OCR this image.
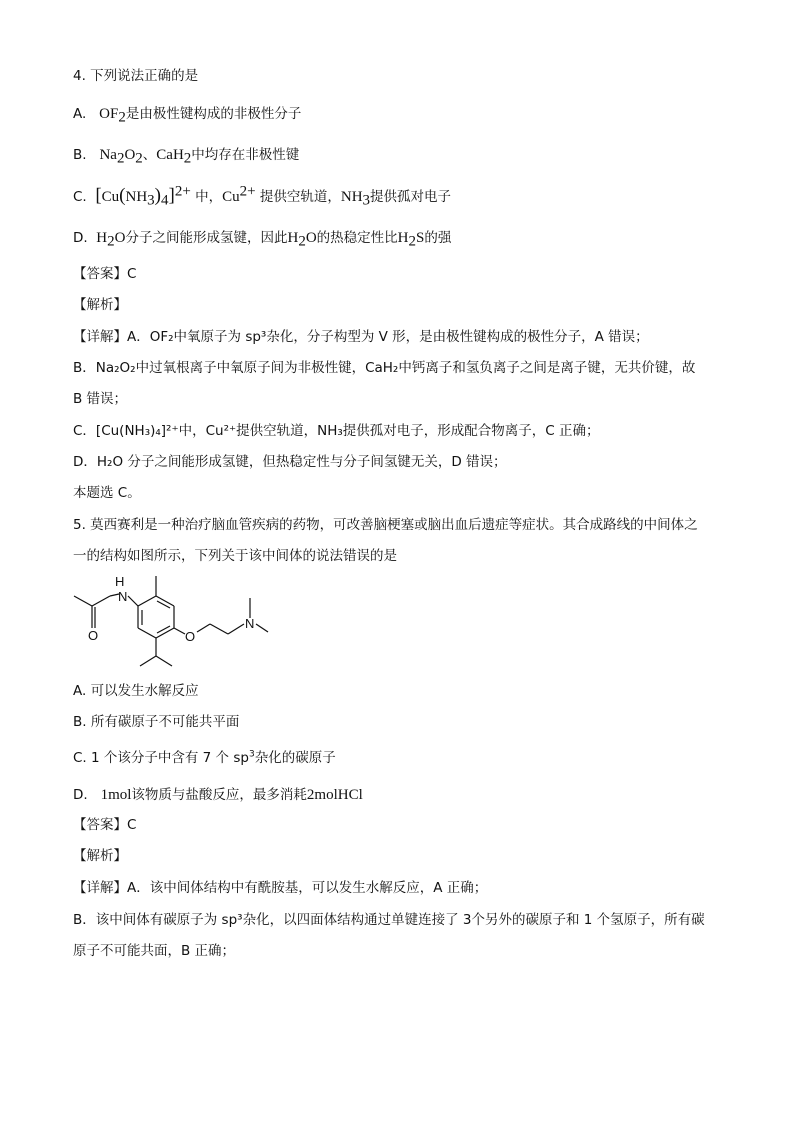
4. 下列说法正确的是
A. $OF_2$是由极性键构成的非极性分子
B. $Na_2O_2$、CaH$_2$中均存在非极性键
C. $[Cu(NH_3)_4]^{2+}$ 中，$Cu^{2+}$ 提供空轨道，$NH_3$提供孤对电子
D. $H_2O$分子之间能形成氢键，因此$H_2O$的热稳定性比$H_2S$的强
【答案】C
【解析】
【详解】A．OF₂中氧原子为 sp³杂化，分子构型为 V 形，是由极性键构成的极性分子，A 错误；
B．Na₂O₂中过氧根离子中氧原子间为非极性键，CaH₂中钙离子和氢负离子之间是离子键，无共价键，故
B 错误；
C．[Cu(NH₃)₄]²⁺中，Cu²⁺提供空轨道，NH₃提供孤对电子，形成配合物离子，C 正确；
D．H₂O 分子之间能形成氢键，但热稳定性与分子间氢键无关，D 错误；
本题选 C。
5. 莫西赛利是一种治疗脑血管疾病的药物，可改善脑梗塞或脑出血后遗症等症状。其合成路线的中间体之
一的结构如图所示，下列关于该中间体的说法错误的是
H
N
O	O
N
A. 可以发生水解反应
B. 所有碳原子不可能共平面
C. 1 个该分子中含有 7 个 $sp^3$杂化的碳原子
D. 1mol该物质与盐酸反应，最多消耗2molHCl
【答案】C
【解析】
【详解】A．该中间体结构中有酰胺基，可以发生水解反应，A 正确；
B．该中间体有碳原子为 sp³杂化，以四面体结构通过单键连接了 3个另外的碳原子和 1 个氢原子，所有碳
原子不可能共面，B 正确；
